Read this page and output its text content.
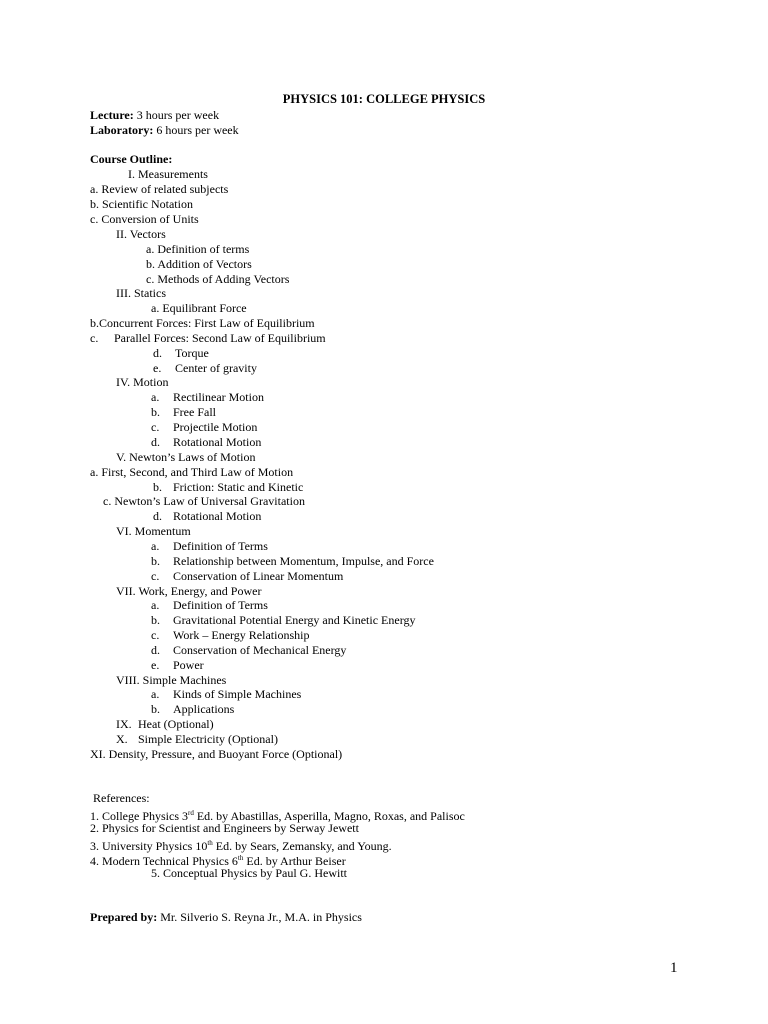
PHYSICS 101: COLLEGE PHYSICS
Lecture: 3 hours per week
Laboratory: 6 hours per week
Course Outline:
I. Measurements
a. Review of related subjects
b. Scientific Notation
c. Conversion of Units
II. Vectors
a. Definition of terms
b. Addition of Vectors
c. Methods of Adding Vectors
III. Statics
a. Equilibrant Force
b.Concurrent Forces: First Law of Equilibrium
c. Parallel Forces: Second Law of Equilibrium
d. Torque
e. Center of gravity
IV. Motion
a. Rectilinear Motion
b. Free Fall
c. Projectile Motion
d. Rotational Motion
V. Newton’s Laws of Motion
a. First, Second, and Third Law of Motion
b. Friction: Static and Kinetic
c. Newton’s Law of Universal Gravitation
d. Rotational Motion
VI. Momentum
a. Definition of Terms
b. Relationship between Momentum, Impulse, and Force
c. Conservation of Linear Momentum
VII. Work, Energy, and Power
a. Definition of Terms
b. Gravitational Potential Energy and Kinetic Energy
c. Work – Energy Relationship
d. Conservation of Mechanical Energy
e. Power
VIII. Simple Machines
a. Kinds of Simple Machines
b. Applications
IX. Heat (Optional)
X. Simple Electricity (Optional)
XI. Density, Pressure, and Buoyant Force (Optional)
References:
1. College Physics 3rd Ed. by Abastillas, Asperilla, Magno, Roxas, and Palisoc
2. Physics for Scientist and Engineers by Serway Jewett
3. University Physics 10th Ed. by Sears, Zemansky, and Young.
4. Modern Technical Physics 6th Ed. by Arthur Beiser
5. Conceptual Physics by Paul G. Hewitt
Prepared by: Mr. Silverio S. Reyna Jr., M.A. in Physics
1
